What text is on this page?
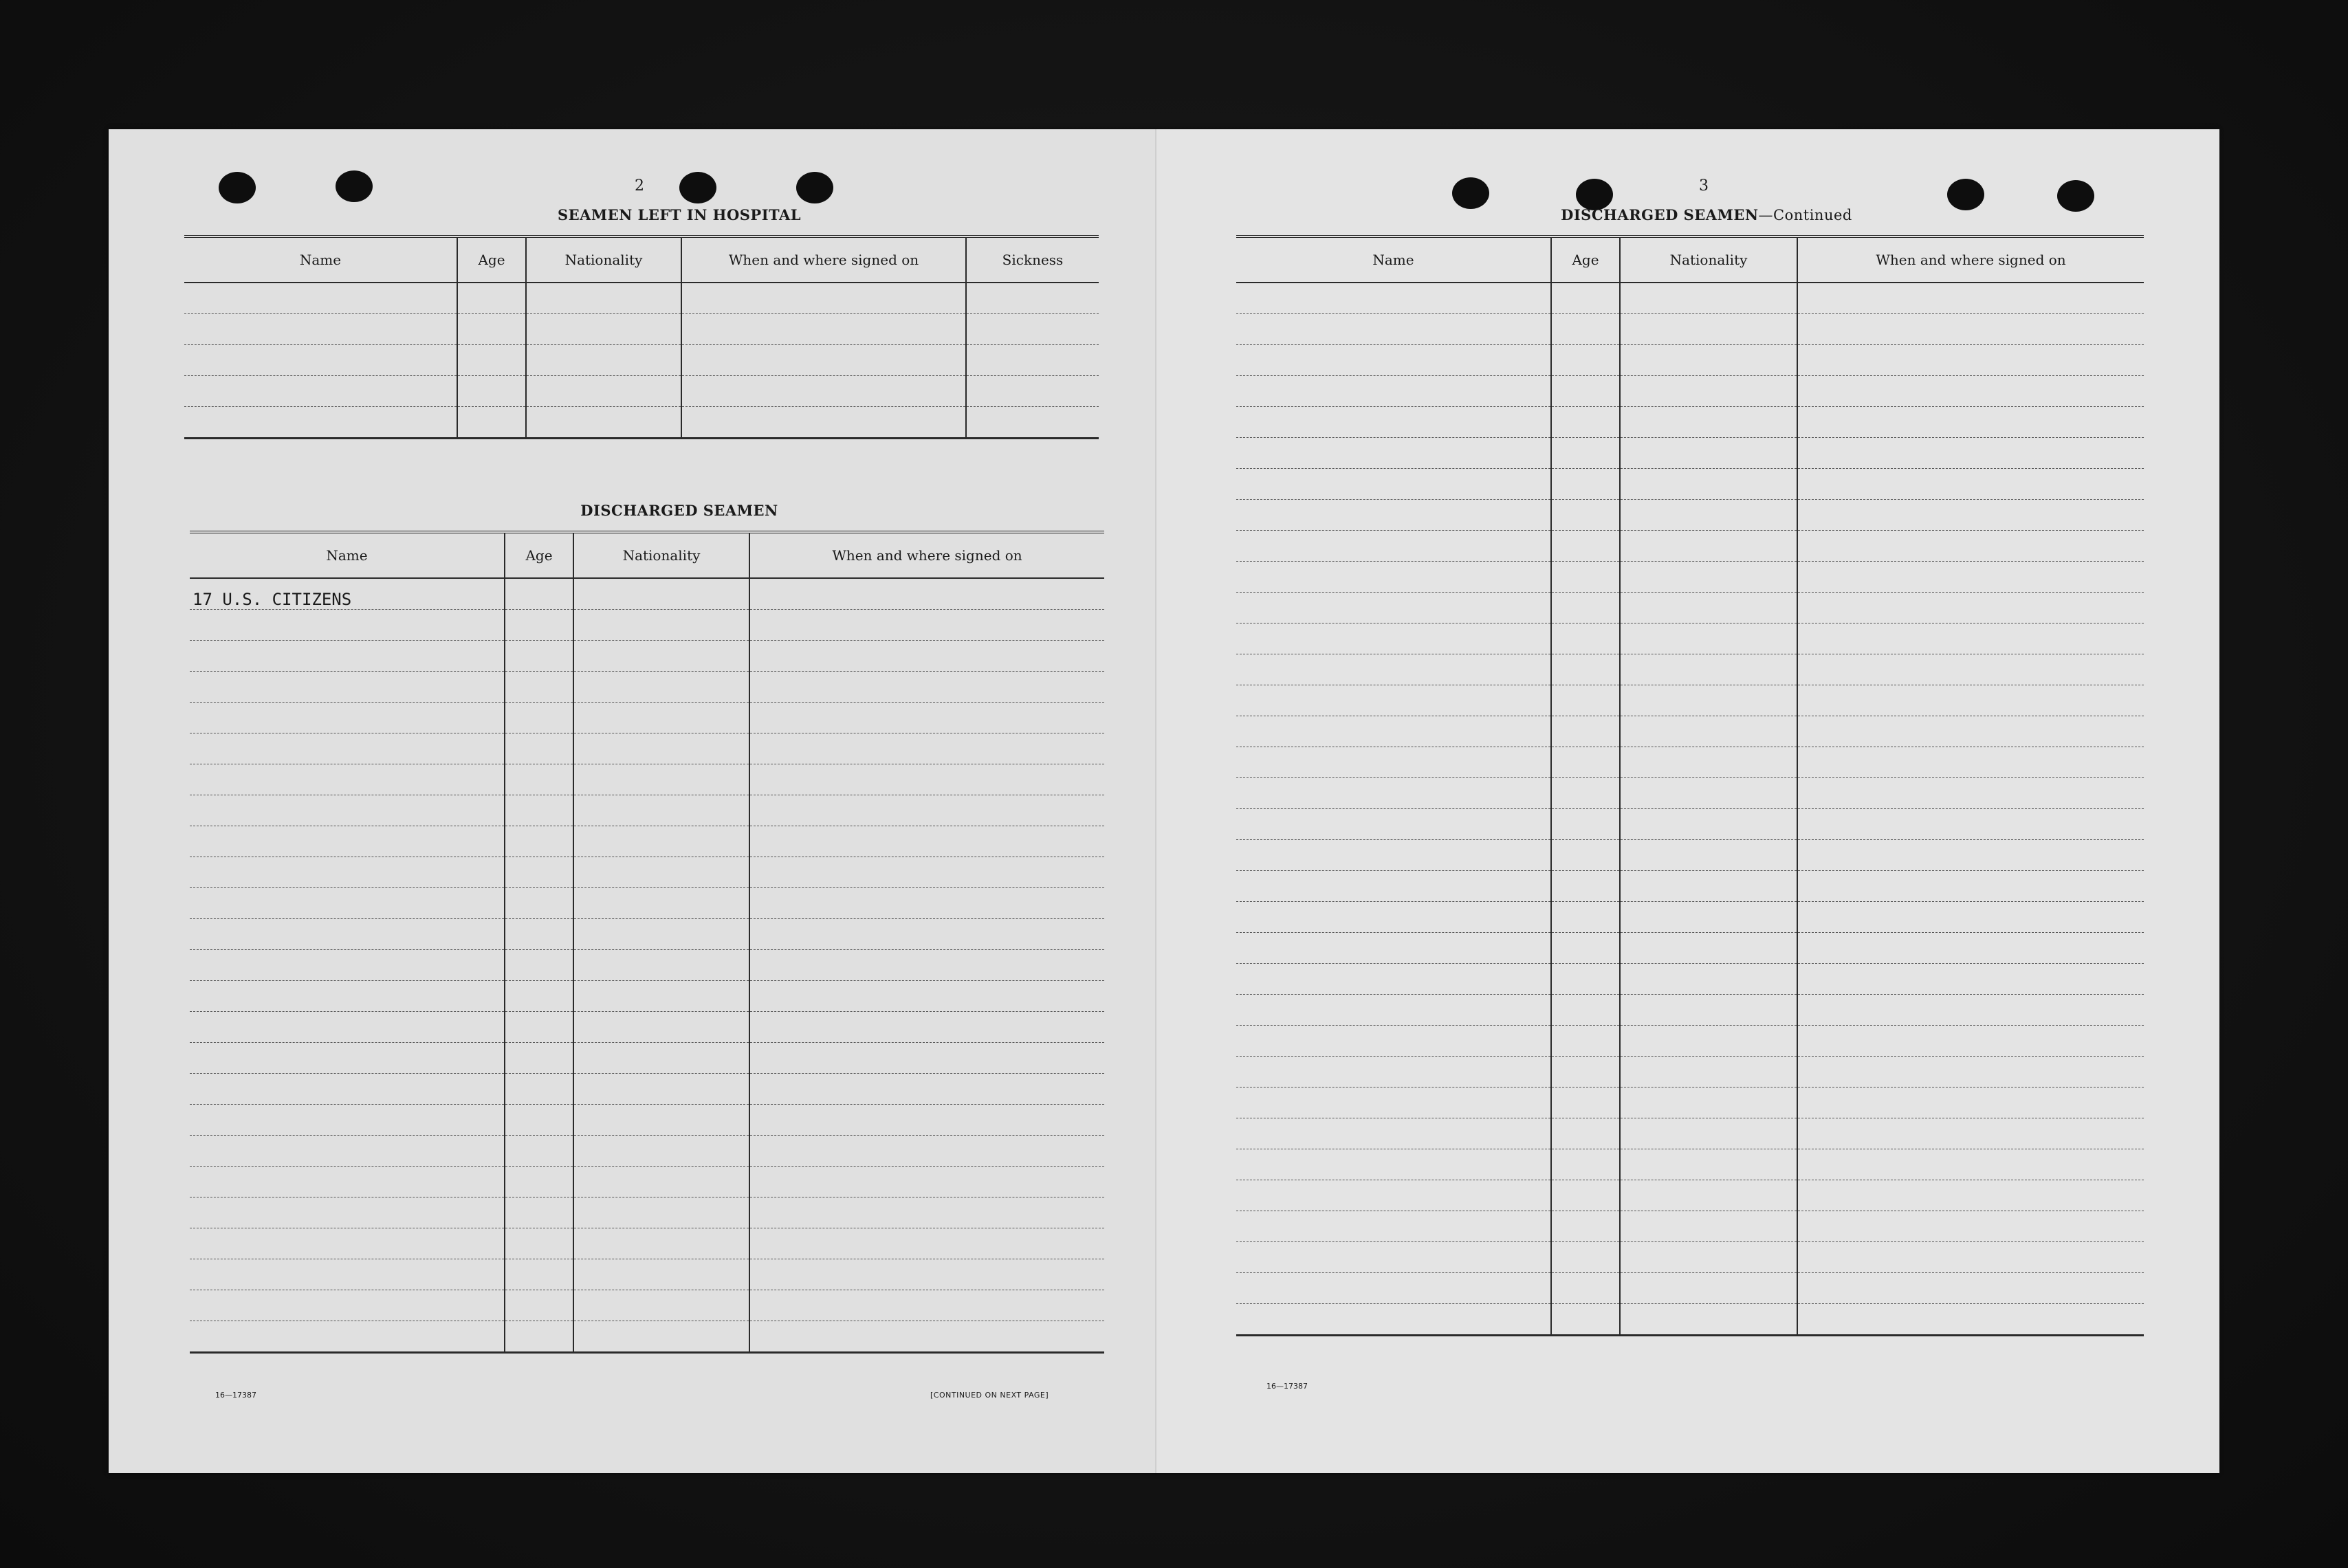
2
SEAMEN LEFT IN HOSPITAL
Name	Age	Nationality	When and where signed on	Sickness

DISCHARGED SEAMEN
Name	Age	Nationality	When and where signed on
17 U.S. CITIZENS			

16—17387	[CONTINUED ON NEXT PAGE]
3
DISCHARGED SEAMEN—Continued
Name	Age	Nationality	When and where signed on

16—17387
